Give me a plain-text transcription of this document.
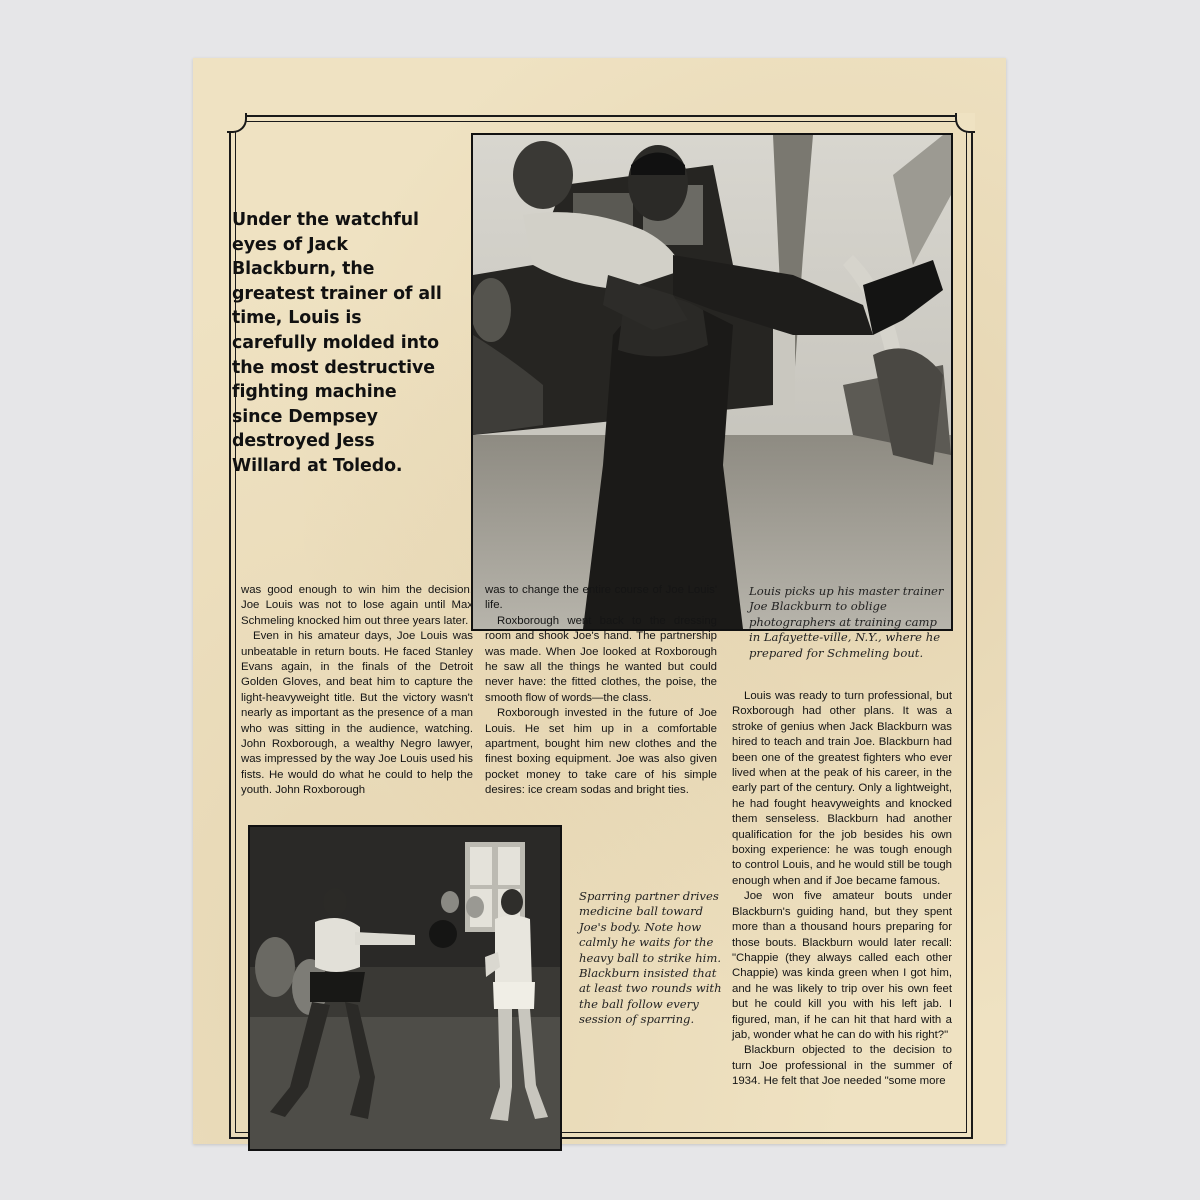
Under the watchful eyes of Jack Blackburn, the greatest trainer of all time, Louis is carefully molded into the most destructive fighting machine since Dempsey destroyed Jess Willard at Toledo.
Louis picks up his master trainer Joe Blackburn to oblige photographers at training camp in Lafayette-ville, N.Y., where he prepared for Schmeling bout.
Sparring partner drives medicine ball toward Joe's body. Note how calmly he waits for the heavy ball to strike him. Blackburn insisted that at least two rounds with the ball follow every session of sparring.

was good enough to win him the decision. Joe Louis was not to lose again until Max Schmeling knocked him out three years later.

Even in his amateur days, Joe Louis was unbeatable in return bouts. He faced Stanley Evans again, in the finals of the Detroit Golden Gloves, and beat him to capture the light-heavyweight title. But the victory wasn't nearly as important as the presence of a man who was sitting in the audience, watching. John Roxborough, a wealthy Negro lawyer, was impressed by the way Joe Louis used his fists. He would do what he could to help the youth. John Roxborough

was to change the entire course of Joe Louis' life.

Roxborough went back to the dressing room and shook Joe's hand. The partnership was made. When Joe looked at Roxborough he saw all the things he wanted but could never have: the fitted clothes, the poise, the smooth flow of words—the class.

Roxborough invested in the future of Joe Louis. He set him up in a comfortable apartment, bought him new clothes and the finest boxing equipment. Joe was also given pocket money to take care of his simple desires: ice cream sodas and bright ties.

Louis was ready to turn professional, but Roxborough had other plans. It was a stroke of genius when Jack Blackburn was hired to teach and train Joe. Blackburn had been one of the greatest fighters who ever lived when at the peak of his career, in the early part of the century. Only a lightweight, he had fought heavyweights and knocked them senseless. Blackburn had another qualification for the job besides his own boxing experience: he was tough enough to control Louis, and he would still be tough enough when and if Joe became famous.

Joe won five amateur bouts under Blackburn's guiding hand, but they spent more than a thousand hours preparing for those bouts. Blackburn would later recall: "Chappie (they always called each other Chappie) was kinda green when I got him, and he was likely to trip over his own feet but he could kill you with his left jab. I figured, man, if he can hit that hard with a jab, wonder what he can do with his right?"

Blackburn objected to the decision to turn Joe professional in the summer of 1934. He felt that Joe needed "some more
